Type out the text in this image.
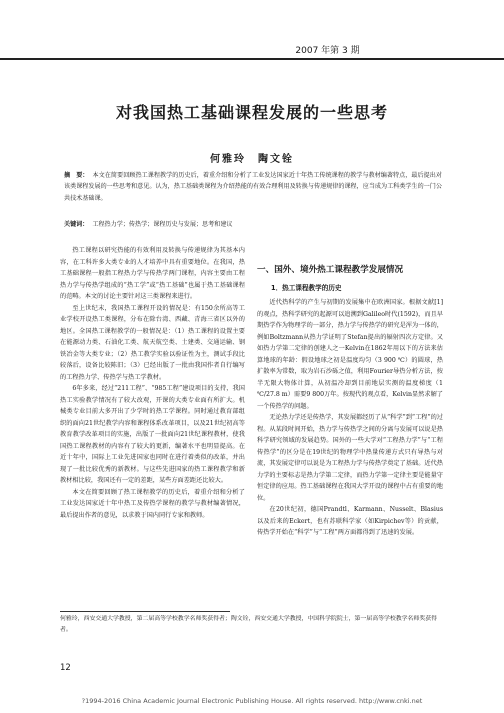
2007 年第 3 期
对我国热工基础课程发展的一些思考
何雅玲　陶文铨
摘　要： 本文在简要回顾热工课程教学的历史后，着重介绍和分析了工业发达国家近十年热工传统课程的教学与教材编著特点，最后提出对该类课程发展的一些思考和意见。认为，热工基础类课程为介绍热能的有效合理利用及转换与传递规律的课程，应当成为工科类学生的一门公共技术基础课。
关键词： 工程热力学；传热学；课程历史与发展；思考和建议

热工课程以研究热能的有效利用及转换与传递规律为其基本内容，在工科许多大类专业的人才培养中具有重要地位。在我国，热工基础课程一般指工程热力学与传热学两门课程，内容主要由工程热力学与传热学组成的“热工学”或“热工基础”也属于热工基础课程的范畴。本文的讨论主要针对这三类课程来进行。

至上世纪末，我国热工课程开设的情况是：有150余所高等工业学校开设热工类课程，分布在除台湾、西藏、青海三省区以外的地区。全国热工课程教学的一般情况是：（1）热工课程的设置主要在能源动力类、石油化工类、航天航空类、土建类、交通运输、钢铁冶金等大类专业；（2）热工教学实验以验证性为主，测试手段比较落后，设备比较陈旧；（3）已经出版了一批由我国作者自行编写的工程热力学、传热学与热工学教材。

6年多来，经过“211工程”、“985工程”建设项目的支持，我国热工实验教学情况有了较大改观，开课的大类专业面有所扩大。机械类专业目前大多开出了少学时的热工学课程。同时通过教育部组织的面向21世纪教学内容和课程体系改革项目，以及21世纪初高等教育教学改革项目的实施，出版了一批面向21世纪课程教材，使我国热工课程教材的内容有了较大的更新，编著水平也明显提高。在近十年中，国际上工业先进国家也同时在进行着类似的改革，并出现了一批比较优秀的新教材。与这些先进国家的热工课程教学和新教材相比较，我国还有一定的差距，某些方面差距还比较大。

本文在简要回顾了热工课程教学的历史后，着重介绍和分析了工业发达国家近十年中热工及传热学课程的教学与教材编著情况，最后提出作者的意见，以求教于国内同行专家和教师。

一、国外、境外热工课程教学发展情况
1．热工课程教学的历史

近代热科学的产生与初期的发展集中在欧洲国家。根据文献[1]的观点，热科学研究的起源可以追溯到Galileo时代(1592)，而且早期热学作为物理学的一部分，热力学与传热学的研究是浑为一体的，例如Boltzmann从热力学证明了Stefan提出的辐射四次方定律。又如热力学第二定律的创建人之一Kelvin在1862年用以下的方法来估算地球的年龄：假设地球之初是温度均匀（3 900 ℃）的圆球，热扩散率为常数，取为岩石沙砾之值，利用Fourier导热分析方法，按半无限大物体计算，从初温冷却到目前地层实测的温度梯度（1 ℃/27.8 m）需要9 800万年。按现代的观点看，Kelvin显然求解了一个传热学的问题。

无论热力学还是传热学，其发展都经历了从“科学”到“工程”的过程。从某段时间开始，热力学与传热学之间的分离与发展可以说是热科学研究领域的发展趋势。国外的一些大学对“工程热力学”与“工程传热学”的区分是在19世纪的物理学中热量传递方式只有导热与对流，其发展定律可以说是为工程热力学与传热学奠定了基础。近代热力学的主要标志是热力学第二定律，而热力学第一定律主要是能量守恒定律的应用。热工基础课程在我国大学开设的课程中占有重要的地位。

在20世纪初，德国Prandtl、Karmann、Nusselt、Blasius以及后来的Eckert，也有苏联科学家（如Kirpichev等）的贡献，传热学开始在“科学”与“工程”两方面都得到了迅速的发展。

何雅玲，西安交通大学教授，第二届高等学校教学名师奖获得者；陶文铨，西安交通大学教授，中国科学院院士，第一届高等学校教学名师奖获得者。
12
?1994-2016 China Academic Journal Electronic Publishing House. All rights reserved. http://www.cnki.net
